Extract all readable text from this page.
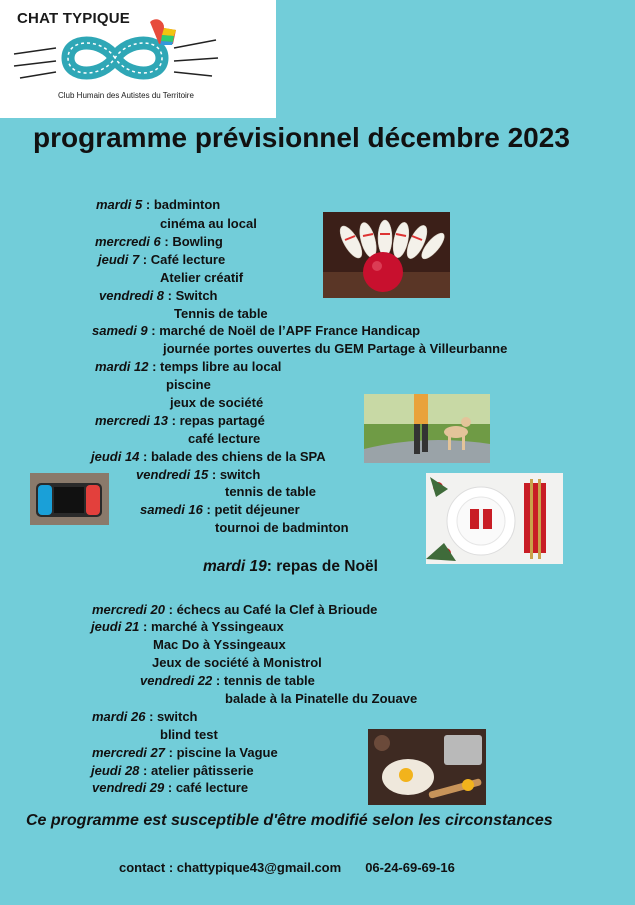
CHAT TYPIQUE
Club Humain des Autistes du Territoire
programme prévisionnel décembre 2023
mardi 5 : badminton
cinéma au local
mercredi 6 : Bowling
jeudi 7 : Café lecture
Atelier créatif
vendredi 8 : Switch
Tennis de table
samedi 9 : marché de Noël de l’APF France Handicap
journée portes ouvertes du GEM Partage à Villeurbanne
mardi 12 : temps libre au local
piscine
jeux de société
mercredi 13 : repas partagé
café lecture
jeudi 14 : balade des chiens de la SPA
vendredi 15 : switch
tennis de table
samedi 16 : petit déjeuner
tournoi de badminton
mardi 19: repas de Noël
mercredi 20 : échecs au Café la Clef à Brioude
jeudi 21 : marché à Yssingeaux
Mac Do à Yssingeaux
Jeux de société à Monistrol
vendredi 22 : tennis de table
balade à la Pinatelle du Zouave
mardi 26 : switch
blind test
mercredi 27 : piscine la Vague
jeudi 28 : atelier pâtisserie
vendredi 29 : café lecture
Ce programme est susceptible d'être modifié selon les circonstances
contact : chattypique43@gmail.com 06-24-69-69-16
